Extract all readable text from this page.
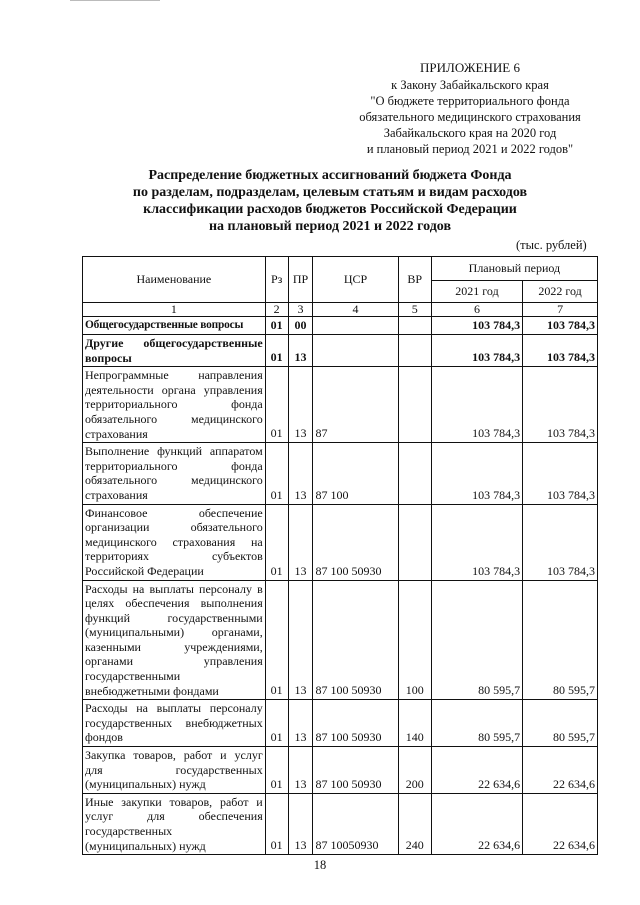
ПРИЛОЖЕНИЕ 6
к Закону Забайкальского края
"О бюджете территориального фонда
обязательного медицинского страхования
Забайкальского края на 2020 год
и плановый период 2021 и 2022 годов"
Распределение бюджетных ассигнований бюджета Фонда
по разделам, подразделам, целевым статьям и видам расходов
классификации расходов бюджетов Российской Федерации
на плановый период 2021 и 2022 годов
(тыс. рублей)
Наименование	Рз	ПР	ЦСР	ВР	Плановый период	
					2021 год	2022 год
1	2	3	4	5	6	7
Общегосударственные вопросы	01	00			103 784,3	103 784,3
Другие общегосударственные вопросы	01	13			103 784,3	103 784,3
Непрограммные направления деятельности органа управления территориального фонда обязательного медицинского страхования	01	13	87		103 784,3	103 784,3
Выполнение функций аппаратом территориального фонда обязательного медицинского страхования	01	13	87 100		103 784,3	103 784,3
Финансовое обеспечение организации обязательного медицинского страхования на территориях субъектов Российской Федерации	01	13	87 100 50930		103 784,3	103 784,3
Расходы на выплаты персоналу в целях обеспечения выполнения функций государственными (муниципальными) органами, казенными учреждениями, органами управления государственными внебюджетными фондами	01	13	87 100 50930	100	80 595,7	80 595,7
Расходы на выплаты персоналу государственных внебюджетных фондов	01	13	87 100 50930	140	80 595,7	80 595,7
Закупка товаров, работ и услуг для государственных (муниципальных) нужд	01	13	87 100 50930	200	22 634,6	22 634,6
Иные закупки товаров, работ и услуг для обеспечения государственных (муниципальных) нужд	01	13	87 10050930	240	22 634,6	22 634,6
18
